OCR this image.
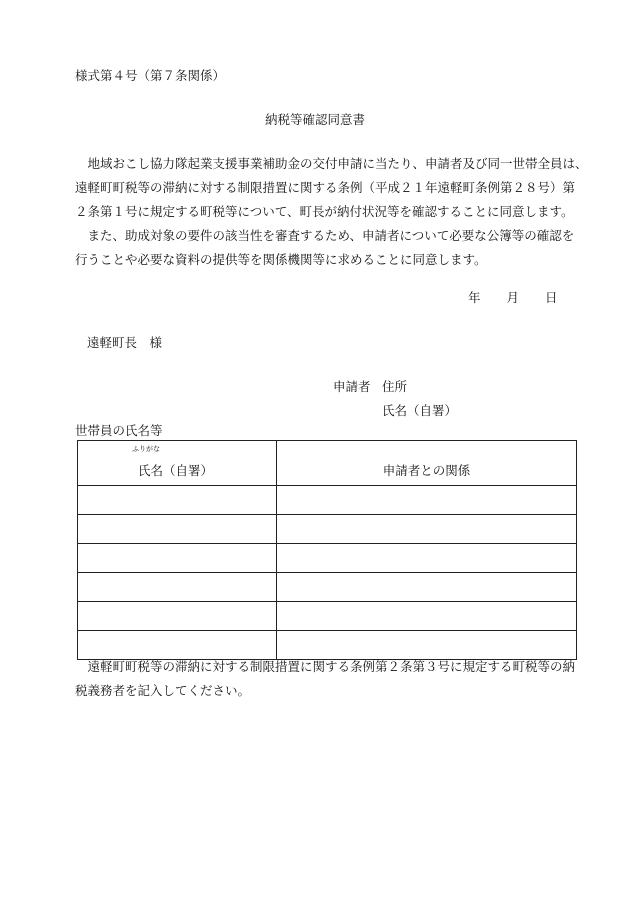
様式第４号（第７条関係）
納税等確認同意書
地域おこし協力隊起業支援事業補助金の交付申請に当たり、申請者及び同一世帯全員は、
遠軽町町税等の滞納に対する制限措置に関する条例（平成２１年遠軽町条例第２８号）第
２条第１号に規定する町税等について、町長が納付状況等を確認することに同意します。
また、助成対象の要件の該当性を審査するため、申請者について必要な公簿等の確認を
行うことや必要な資料の提供等を関係機関等に求めることに同意します。
年 月 日
遠軽町長　様
申請者 住所
氏名（自署）
世帯員の氏名等
ふりがな
氏名（自署）	申請者との関係

遠軽町町税等の滞納に対する制限措置に関する条例第２条第３号に規定する町税等の納
税義務者を記入してください。
